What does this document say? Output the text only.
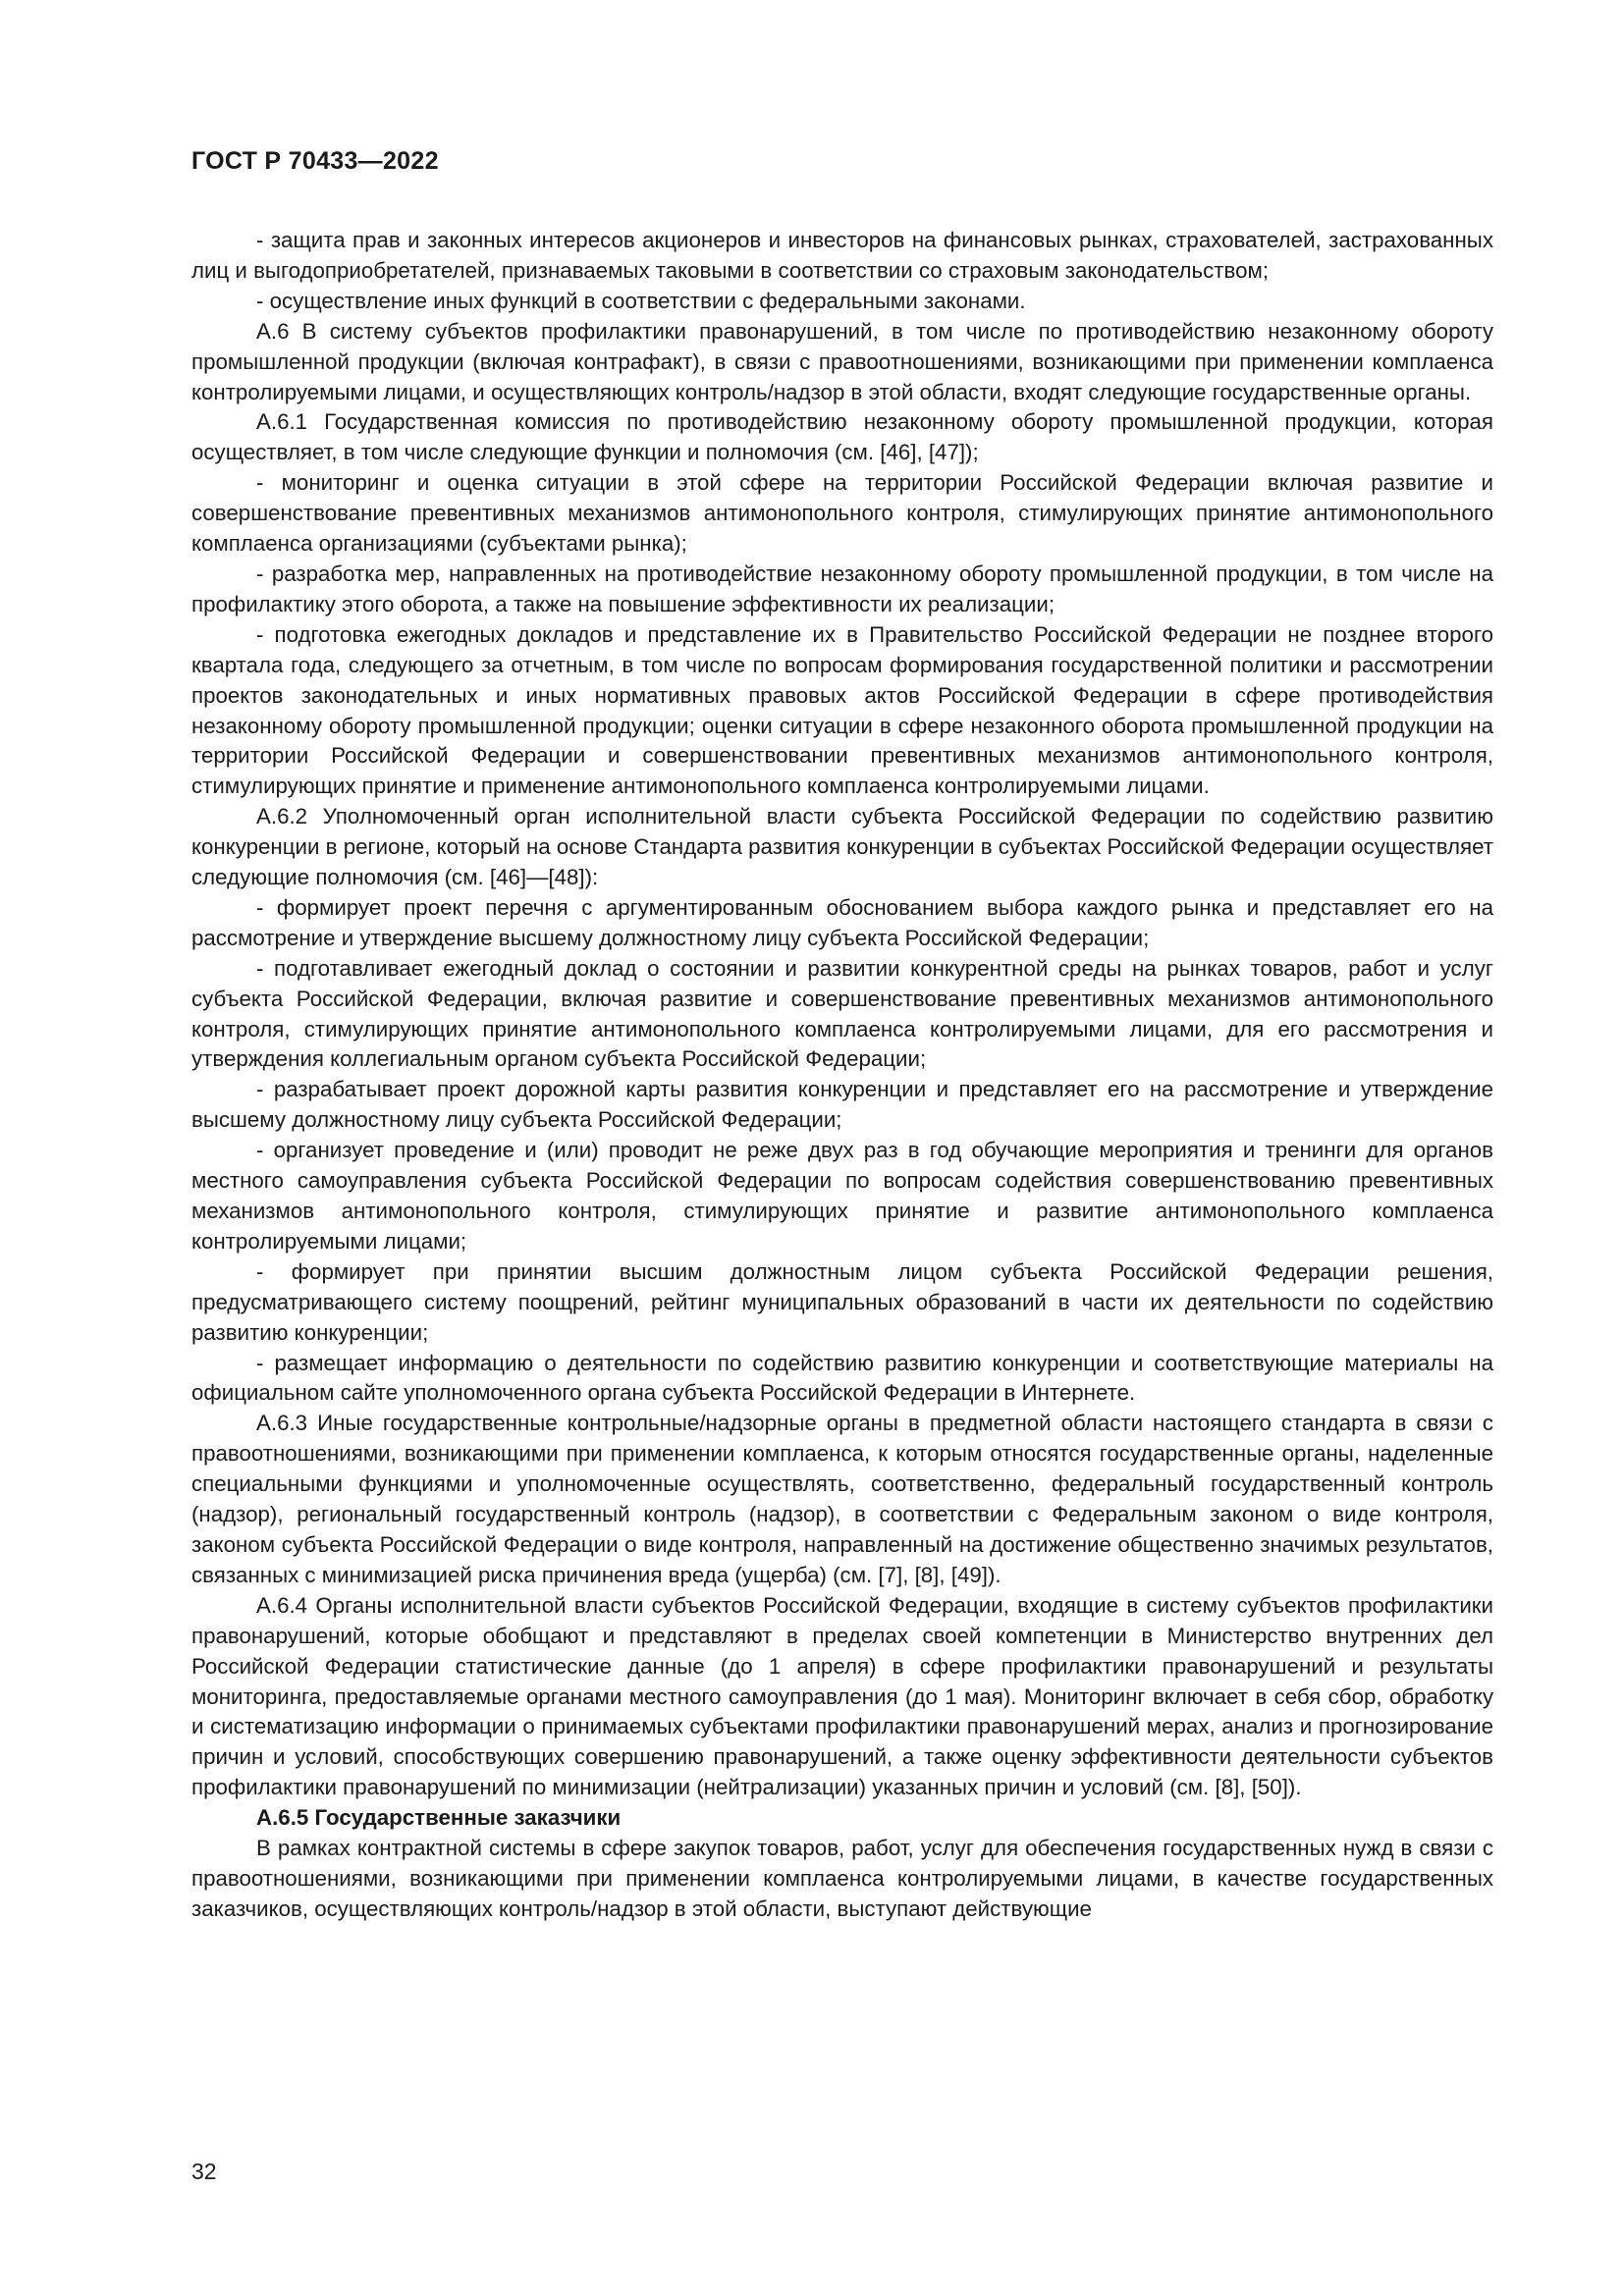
ГОСТ Р 70433—2022

- защита прав и законных интересов акционеров и инвесторов на финансовых рынках, страхователей, застрахованных лиц и выгодоприобретателей, признаваемых таковыми в соответствии со страховым законодательством;

- осуществление иных функций в соответствии с федеральными законами.

А.6 В систему субъектов профилактики правонарушений, в том числе по противодействию незаконному обороту промышленной продукции (включая контрафакт), в связи с правоотношениями, возникающими при применении комплаенса контролируемыми лицами, и осуществляющих контроль/надзор в этой области, входят следующие государственные органы.

А.6.1 Государственная комиссия по противодействию незаконному обороту промышленной продукции, которая осуществляет, в том числе следующие функции и полномочия (см. [46], [47]);

- мониторинг и оценка ситуации в этой сфере на территории Российской Федерации включая развитие и совершенствование превентивных механизмов антимонопольного контроля, стимулирующих принятие антимонопольного комплаенса организациями (субъектами рынка);

- разработка мер, направленных на противодействие незаконному обороту промышленной продукции, в том числе на профилактику этого оборота, а также на повышение эффективности их реализации;

- подготовка ежегодных докладов и представление их в Правительство Российской Федерации не позднее второго квартала года, следующего за отчетным, в том числе по вопросам формирования государственной политики и рассмотрении проектов законодательных и иных нормативных правовых актов Российской Федерации в сфере противодействия незаконному обороту промышленной продукции; оценки ситуации в сфере незаконного оборота промышленной продукции на территории Российской Федерации и совершенствовании превентивных механизмов антимонопольного контроля, стимулирующих принятие и применение антимонопольного комплаенса контролируемыми лицами.

А.6.2 Уполномоченный орган исполнительной власти субъекта Российской Федерации по содействию развитию конкуренции в регионе, который на основе Стандарта развития конкуренции в субъектах Российской Федерации осуществляет следующие полномочия (см. [46]—[48]):

- формирует проект перечня с аргументированным обоснованием выбора каждого рынка и представляет его на рассмотрение и утверждение высшему должностному лицу субъекта Российской Федерации;

- подготавливает ежегодный доклад о состоянии и развитии конкурентной среды на рынках товаров, работ и услуг субъекта Российской Федерации, включая развитие и совершенствование превентивных механизмов антимонопольного контроля, стимулирующих принятие антимонопольного комплаенса контролируемыми лицами, для его рассмотрения и утверждения коллегиальным органом субъекта Российской Федерации;

- разрабатывает проект дорожной карты развития конкуренции и представляет его на рассмотрение и утверждение высшему должностному лицу субъекта Российской Федерации;

- организует проведение и (или) проводит не реже двух раз в год обучающие мероприятия и тренинги для органов местного самоуправления субъекта Российской Федерации по вопросам содействия совершенствованию превентивных механизмов антимонопольного контроля, стимулирующих принятие и развитие антимонопольного комплаенса контролируемыми лицами;

- формирует при принятии высшим должностным лицом субъекта Российской Федерации решения, предусматривающего систему поощрений, рейтинг муниципальных образований в части их деятельности по содействию развитию конкуренции;

- размещает информацию о деятельности по содействию развитию конкуренции и соответствующие материалы на официальном сайте уполномоченного органа субъекта Российской Федерации в Интернете.

А.6.3 Иные государственные контрольные/надзорные органы в предметной области настоящего стандарта в связи с правоотношениями, возникающими при применении комплаенса, к которым относятся государственные органы, наделенные специальными функциями и уполномоченные осуществлять, соответственно, федеральный государственный контроль (надзор), региональный государственный контроль (надзор), в соответствии с Федеральным законом о виде контроля, законом субъекта Российской Федерации о виде контроля, направленный на достижение общественно значимых результатов, связанных с минимизацией риска причинения вреда (ущерба) (см. [7], [8], [49]).

А.6.4 Органы исполнительной власти субъектов Российской Федерации, входящие в систему субъектов профилактики правонарушений, которые обобщают и представляют в пределах своей компетенции в Министерство внутренних дел Российской Федерации статистические данные (до 1 апреля) в сфере профилактики правонарушений и результаты мониторинга, предоставляемые органами местного самоуправления (до 1 мая). Мониторинг включает в себя сбор, обработку и систематизацию информации о принимаемых субъектами профилактики правонарушений мерах, анализ и прогнозирование причин и условий, способствующих совершению правонарушений, а также оценку эффективности деятельности субъектов профилактики правонарушений по минимизации (нейтрализации) указанных причин и условий (см. [8], [50]).

А.6.5 Государственные заказчики

В рамках контрактной системы в сфере закупок товаров, работ, услуг для обеспечения государственных нужд в связи с правоотношениями, возникающими при применении комплаенса контролируемыми лицами, в качестве государственных заказчиков, осуществляющих контроль/надзор в этой области, выступают действующие

32
